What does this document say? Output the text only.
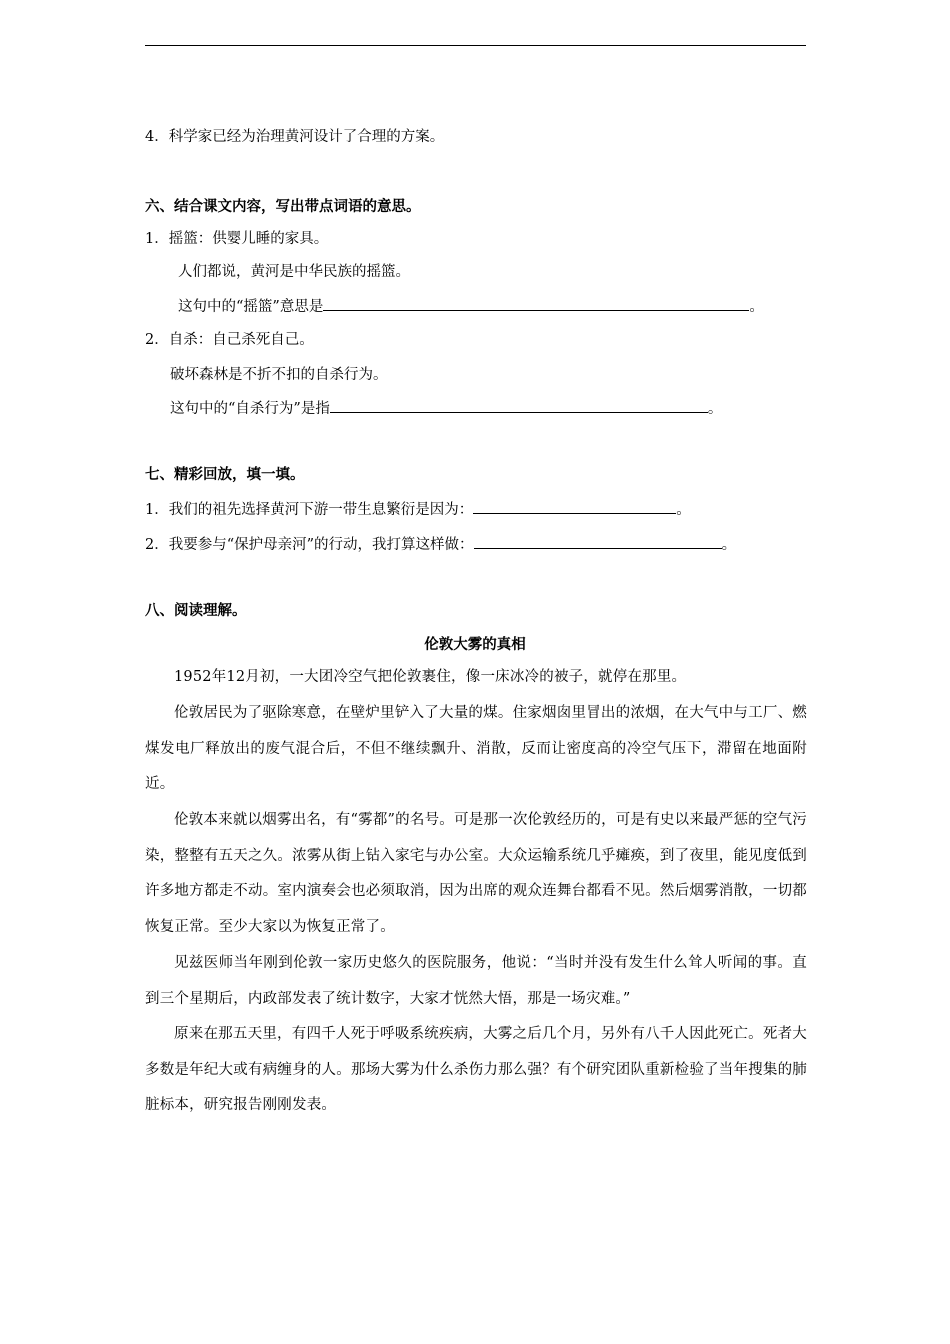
4．科学家已经为治理黄河设计了合理的方案。
六、结合课文内容，写出带点词语的意思。
1．摇篮：供婴儿睡的家具。
人们都说，黄河是中华民族的摇篮。
这句中的“摇篮”意思是	。
2．自杀：自己杀死自己。
破坏森林是不折不扣的自杀行为。
这句中的“自杀行为”是指	。
七、精彩回放，填一填。
1．我们的祖先选择黄河下游一带生息繁衍是因为：	。
2．我要参与“保护母亲河”的行动，我打算这样做：	。
八、阅读理解。
伦敦大雾的真相
1952年12月初，一大团冷空气把伦敦裹住，像一床冰冷的被子，就停在那里。
伦敦居民为了驱除寒意，在壁炉里铲入了大量的煤。住家烟囱里冒出的浓烟，在大气中与工厂、燃煤发电厂释放出的废气混合后，不但不继续飘升、消散，反而让密度高的冷空气压下，滞留在地面附近。
伦敦本来就以烟雾出名，有“雾都”的名号。可是那一次伦敦经历的，可是有史以来最严惩的空气污染，整整有五天之久。浓雾从街上钻入家宅与办公室。大众运输系统几乎瘫痪，到了夜里，能见度低到许多地方都走不动。室内演奏会也必须取消，因为出席的观众连舞台都看不见。然后烟雾消散，一切都恢复正常。至少大家以为恢复正常了。
见兹医师当年刚到伦敦一家历史悠久的医院服务，他说：“当时并没有发生什么耸人听闻的事。直到三个星期后，内政部发表了统计数字，大家才恍然大悟，那是一场灾难。”
原来在那五天里，有四千人死于呼吸系统疾病，大雾之后几个月，另外有八千人因此死亡。死者大多数是年纪大或有病缠身的人。那场大雾为什么杀伤力那么强？有个研究团队重新检验了当年搜集的肺脏标本，研究报告刚刚发表。
